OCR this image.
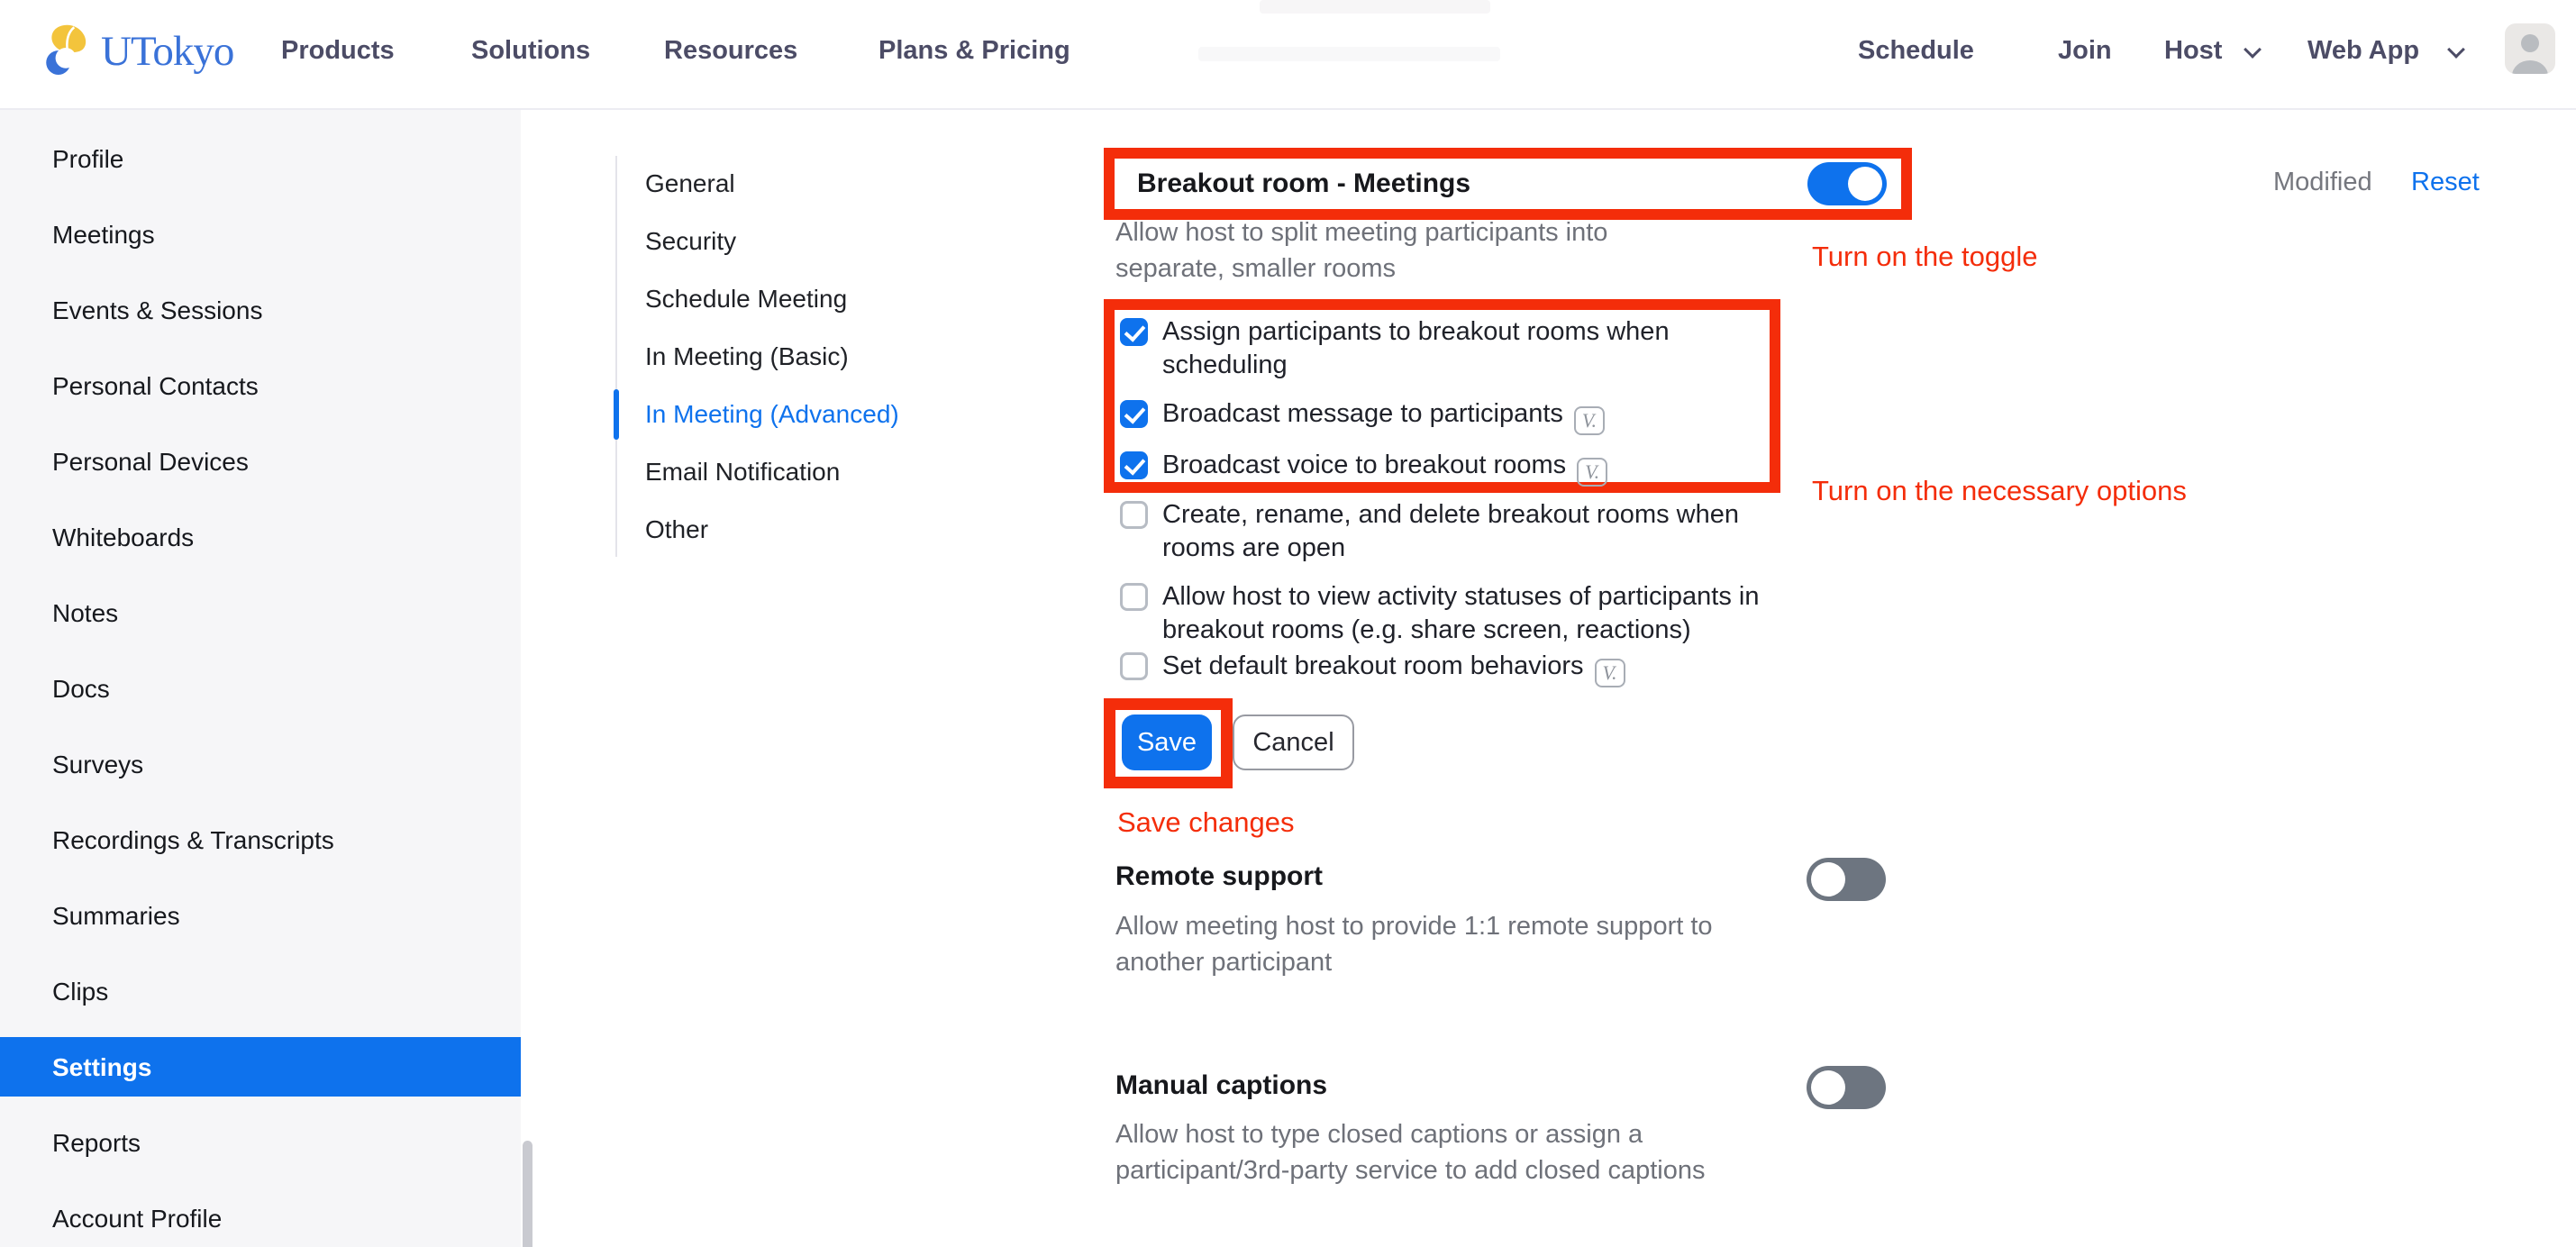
UTokyo Products	Solutions	Resources	Plans & Pricing	Schedule	Join Host	Web App
Profile
Meetings
Events & Sessions
Personal Contacts
Personal Devices
Whiteboards
Notes
Docs
Surveys
Recordings & Transcripts
Summaries
Clips
Settings
Reports
Account Profile
General
Security
Schedule Meeting
In Meeting (Basic)
In Meeting (Advanced)
Email Notification
Other
Breakout room - Meetings	Modified Reset
Allow host to split meeting participants into separate, smaller rooms	Turn on the toggle
Assign participants to breakout rooms when scheduling
Broadcast message to participants V.
Broadcast voice to breakout rooms V.
Turn on the necessary options
Create, rename, and delete breakout rooms when rooms are open
Allow host to view activity statuses of participants in breakout rooms (e.g. share screen, reactions)
Set default breakout room behaviors V.
Save	Cancel
Save changes
Remote support
Allow meeting host to provide 1:1 remote support to another participant
Manual captions
Allow host to type closed captions or assign a participant/3rd-party service to add closed captions
